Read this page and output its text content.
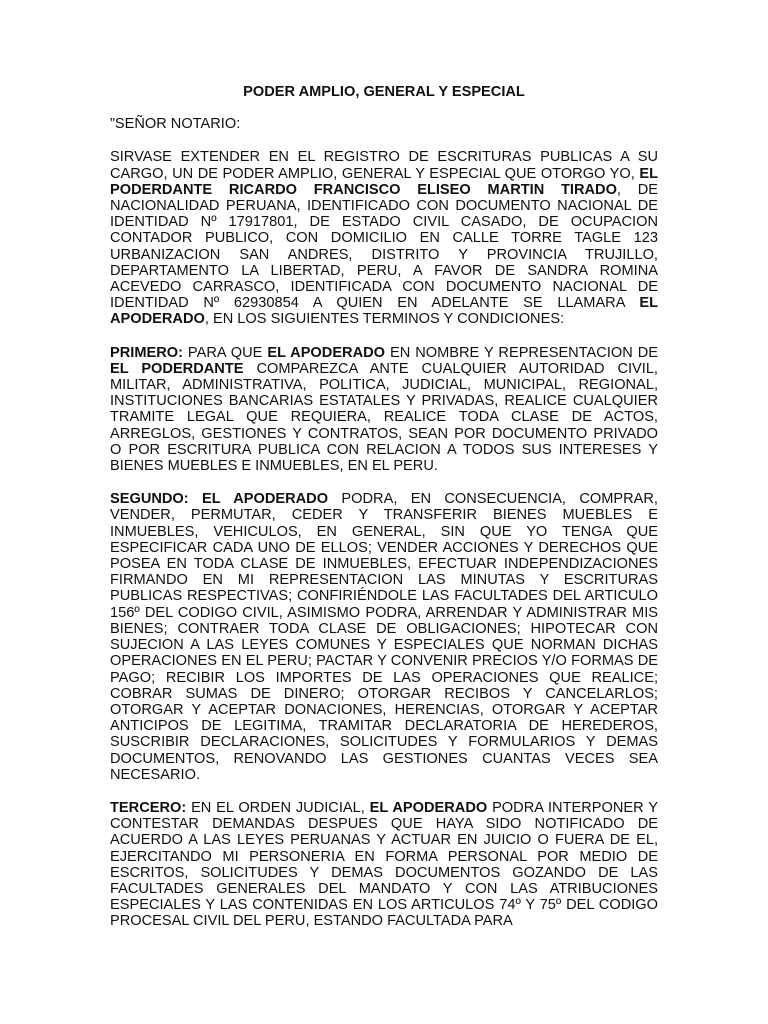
PODER AMPLIO, GENERAL Y ESPECIAL
”SEÑOR NOTARIO:
SIRVASE EXTENDER EN EL REGISTRO DE ESCRITURAS PUBLICAS A SU CARGO, UN DE PODER AMPLIO, GENERAL Y ESPECIAL QUE OTORGO YO, EL PODERDANTE RICARDO FRANCISCO ELISEO MARTIN TIRADO, DE NACIONALIDAD PERUANA, IDENTIFICADO CON DOCUMENTO NACIONAL DE IDENTIDAD Nº 17917801, DE ESTADO CIVIL CASADO, DE OCUPACION CONTADOR PUBLICO, CON DOMICILIO EN CALLE TORRE TAGLE 123 URBANIZACION SAN ANDRES, DISTRITO Y PROVINCIA TRUJILLO, DEPARTAMENTO LA LIBERTAD, PERU, A FAVOR DE SANDRA ROMINA ACEVEDO CARRASCO, IDENTIFICADA CON DOCUMENTO NACIONAL DE IDENTIDAD Nº 62930854 A QUIEN EN ADELANTE SE LLAMARA EL APODERADO, EN LOS SIGUIENTES TERMINOS Y CONDICIONES:
PRIMERO: PARA QUE EL APODERADO EN NOMBRE Y REPRESENTACION DE EL PODERDANTE COMPAREZCA ANTE CUALQUIER AUTORIDAD CIVIL, MILITAR, ADMINISTRATIVA, POLITICA, JUDICIAL, MUNICIPAL, REGIONAL, INSTITUCIONES BANCARIAS ESTATALES Y PRIVADAS, REALICE CUALQUIER TRAMITE LEGAL QUE REQUIERA, REALICE TODA CLASE DE ACTOS, ARREGLOS, GESTIONES Y CONTRATOS, SEAN POR DOCUMENTO PRIVADO O POR ESCRITURA PUBLICA CON RELACION A TODOS SUS INTERESES Y BIENES MUEBLES E INMUEBLES, EN EL PERU.
SEGUNDO: EL APODERADO PODRA, EN CONSECUENCIA, COMPRAR, VENDER, PERMUTAR, CEDER Y TRANSFERIR BIENES MUEBLES E INMUEBLES, VEHICULOS, EN GENERAL, SIN QUE YO TENGA QUE ESPECIFICAR CADA UNO DE ELLOS; VENDER ACCIONES Y DERECHOS QUE POSEA EN TODA CLASE DE INMUEBLES, EFECTUAR INDEPENDIZACIONES FIRMANDO EN MI REPRESENTACION LAS MINUTAS Y ESCRITURAS PUBLICAS RESPECTIVAS; CONFIRIÉNDOLE LAS FACULTADES DEL ARTICULO 156º DEL CODIGO CIVIL, ASIMISMO PODRA, ARRENDAR Y ADMINISTRAR MIS BIENES; CONTRAER TODA CLASE DE OBLIGACIONES; HIPOTECAR CON SUJECION A LAS LEYES COMUNES Y ESPECIALES QUE NORMAN DICHAS OPERACIONES EN EL PERU; PACTAR Y CONVENIR PRECIOS Y/O FORMAS DE PAGO; RECIBIR LOS IMPORTES DE LAS OPERACIONES QUE REALICE; COBRAR SUMAS DE DINERO; OTORGAR RECIBOS Y CANCELARLOS; OTORGAR Y ACEPTAR DONACIONES, HERENCIAS, OTORGAR Y ACEPTAR ANTICIPOS DE LEGITIMA, TRAMITAR DECLARATORIA DE HEREDEROS, SUSCRIBIR DECLARACIONES, SOLICITUDES Y FORMULARIOS Y DEMAS DOCUMENTOS, RENOVANDO LAS GESTIONES CUANTAS VECES SEA NECESARIO.
TERCERO: EN EL ORDEN JUDICIAL, EL APODERADO PODRA INTERPONER Y CONTESTAR DEMANDAS DESPUES QUE HAYA SIDO NOTIFICADO DE ACUERDO A LAS LEYES PERUANAS Y ACTUAR EN JUICIO O FUERA DE EL, EJERCITANDO MI PERSONERIA EN FORMA PERSONAL POR MEDIO DE ESCRITOS, SOLICITUDES Y DEMAS DOCUMENTOS GOZANDO DE LAS FACULTADES GENERALES DEL MANDATO Y CON LAS ATRIBUCIONES ESPECIALES Y LAS CONTENIDAS EN LOS ARTICULOS 74º Y 75º DEL CODIGO PROCESAL CIVIL DEL PERU, ESTANDO FACULTADA PARA
